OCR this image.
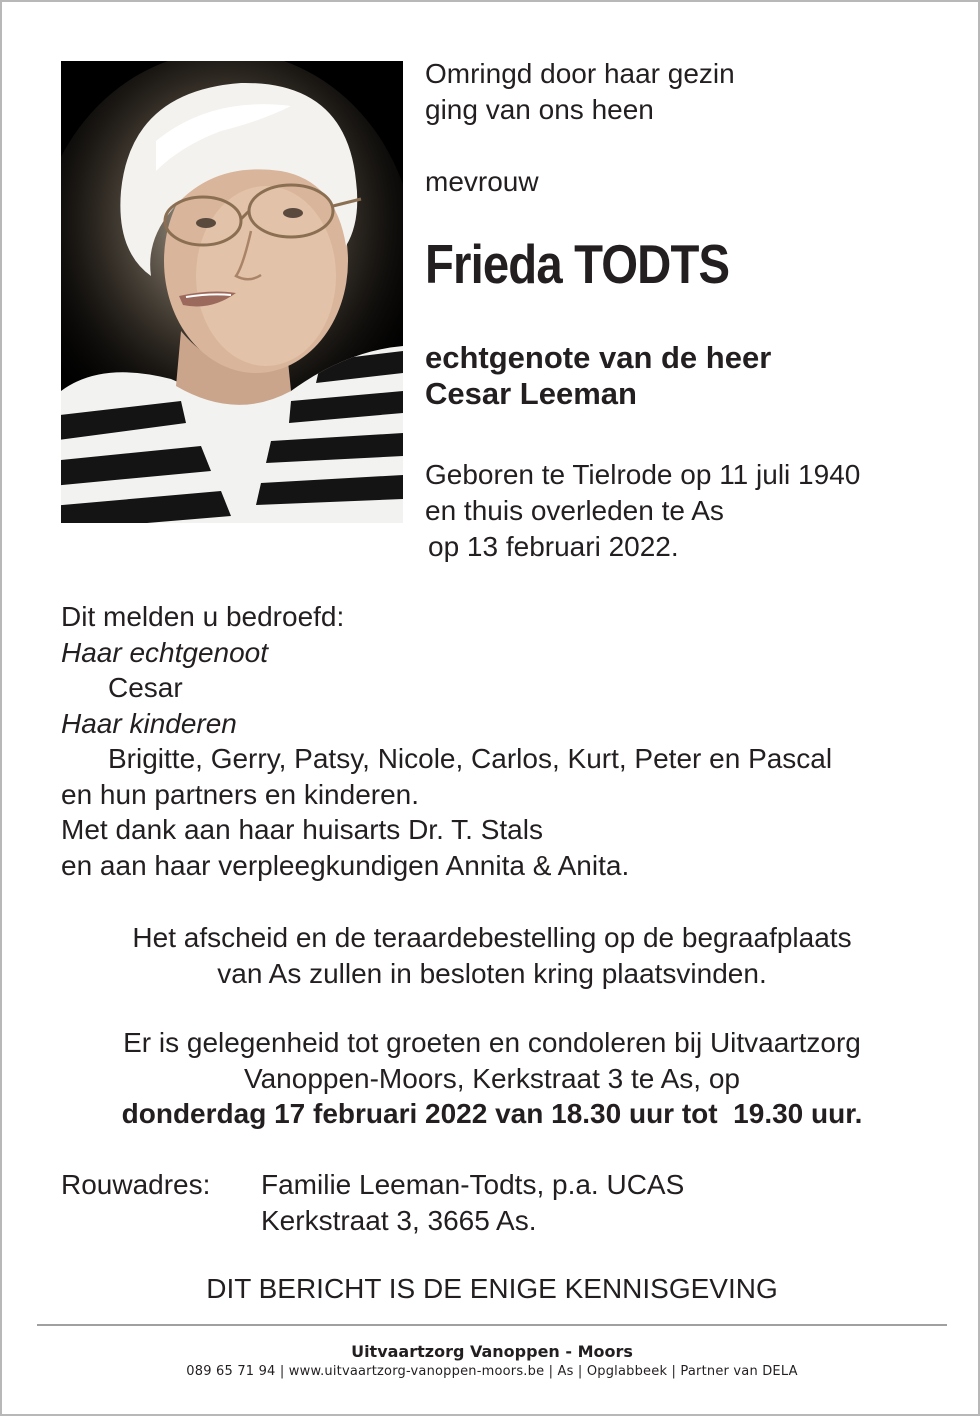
Omringd door haar gezin
ging van ons heen
mevrouw
Frieda TODTS
echtgenote van de heer
Cesar Leeman
Geboren te Tielrode op 11 juli 1940
en thuis overleden te As
op 13 februari 2022.
Dit melden u bedroefd:
Haar echtgenoot
Cesar
Haar kinderen
Brigitte, Gerry, Patsy, Nicole, Carlos, Kurt, Peter en Pascal
en hun partners en kinderen.
Met dank aan haar huisarts Dr. T. Stals
en aan haar verpleegkundigen Annita & Anita.
Het afscheid en de teraardebestelling op de begraafplaats
van As zullen in besloten kring plaatsvinden.
Er is gelegenheid tot groeten en condoleren bij Uitvaartzorg
Vanoppen-Moors, Kerkstraat 3 te As, op
donderdag 17 februari 2022 van 18.30 uur tot  19.30 uur.
Rouwadres:	Familie Leeman-Todts, p.a. UCAS
Kerkstraat 3, 3665 As.
DIT BERICHT IS DE ENIGE KENNISGEVING
Uitvaartzorg Vanoppen - Moors
089 65 71 94 | www.uitvaartzorg-vanoppen-moors.be | As | Opglabbeek | Partner van DELA
